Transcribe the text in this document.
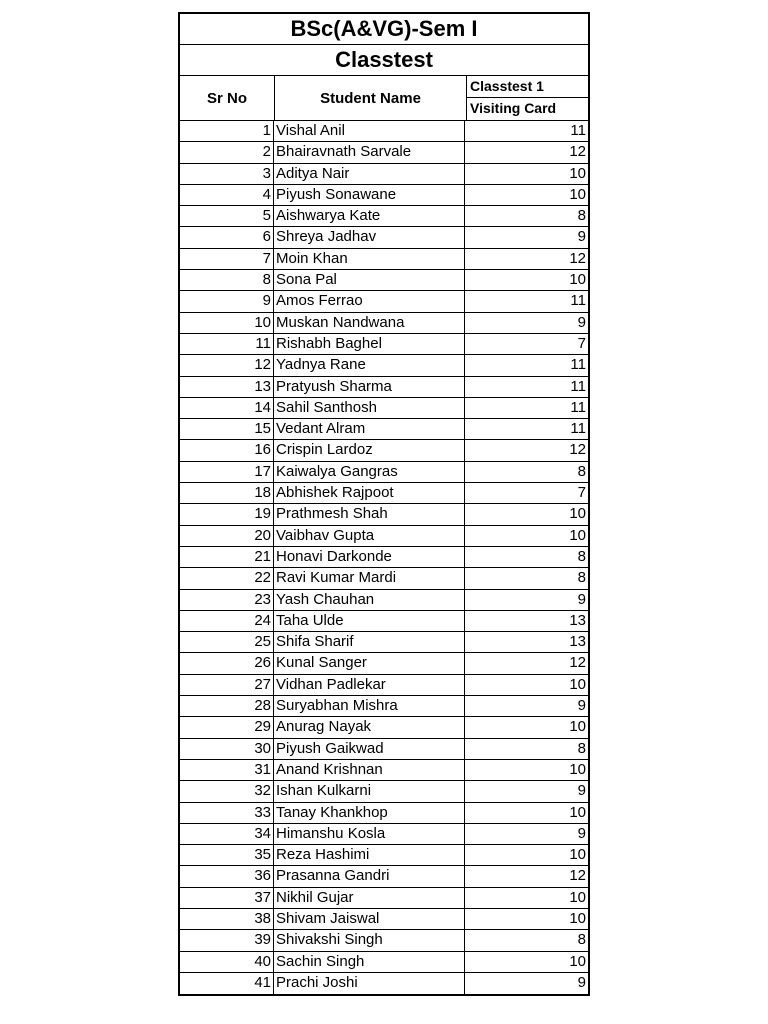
BSc(A&VG)-Sem I
Classtest
Sr No	Student Name
Classtest 1
Visiting Card
1 Vishal Anil	11
2 Bhairavnath Sarvale	12
3 Aditya Nair	10
4 Piyush Sonawane	10
5 Aishwarya Kate	8
6 Shreya Jadhav	9
7 Moin Khan	12
8 Sona Pal	10
9 Amos Ferrao	11
10 Muskan Nandwana	9
11 Rishabh Baghel	7
12 Yadnya Rane	11
13 Pratyush Sharma	11
14 Sahil Santhosh	11
15 Vedant Alram	11
16 Crispin Lardoz	12
17 Kaiwalya Gangras	8
18 Abhishek Rajpoot	7
19 Prathmesh Shah	10
20 Vaibhav Gupta	10
21 Honavi Darkonde	8
22 Ravi Kumar Mardi	8
23 Yash Chauhan	9
24 Taha Ulde	13
25 Shifa Sharif	13
26 Kunal Sanger	12
27 Vidhan Padlekar	10
28 Suryabhan Mishra	9
29 Anurag Nayak	10
30 Piyush Gaikwad	8
31 Anand Krishnan	10
32 Ishan Kulkarni	9
33 Tanay Khankhop	10
34 Himanshu Kosla	9
35 Reza Hashimi	10
36 Prasanna Gandri	12
37 Nikhil Gujar	10
38 Shivam Jaiswal	10
39 Shivakshi Singh	8
40 Sachin Singh	10
41 Prachi Joshi	9
